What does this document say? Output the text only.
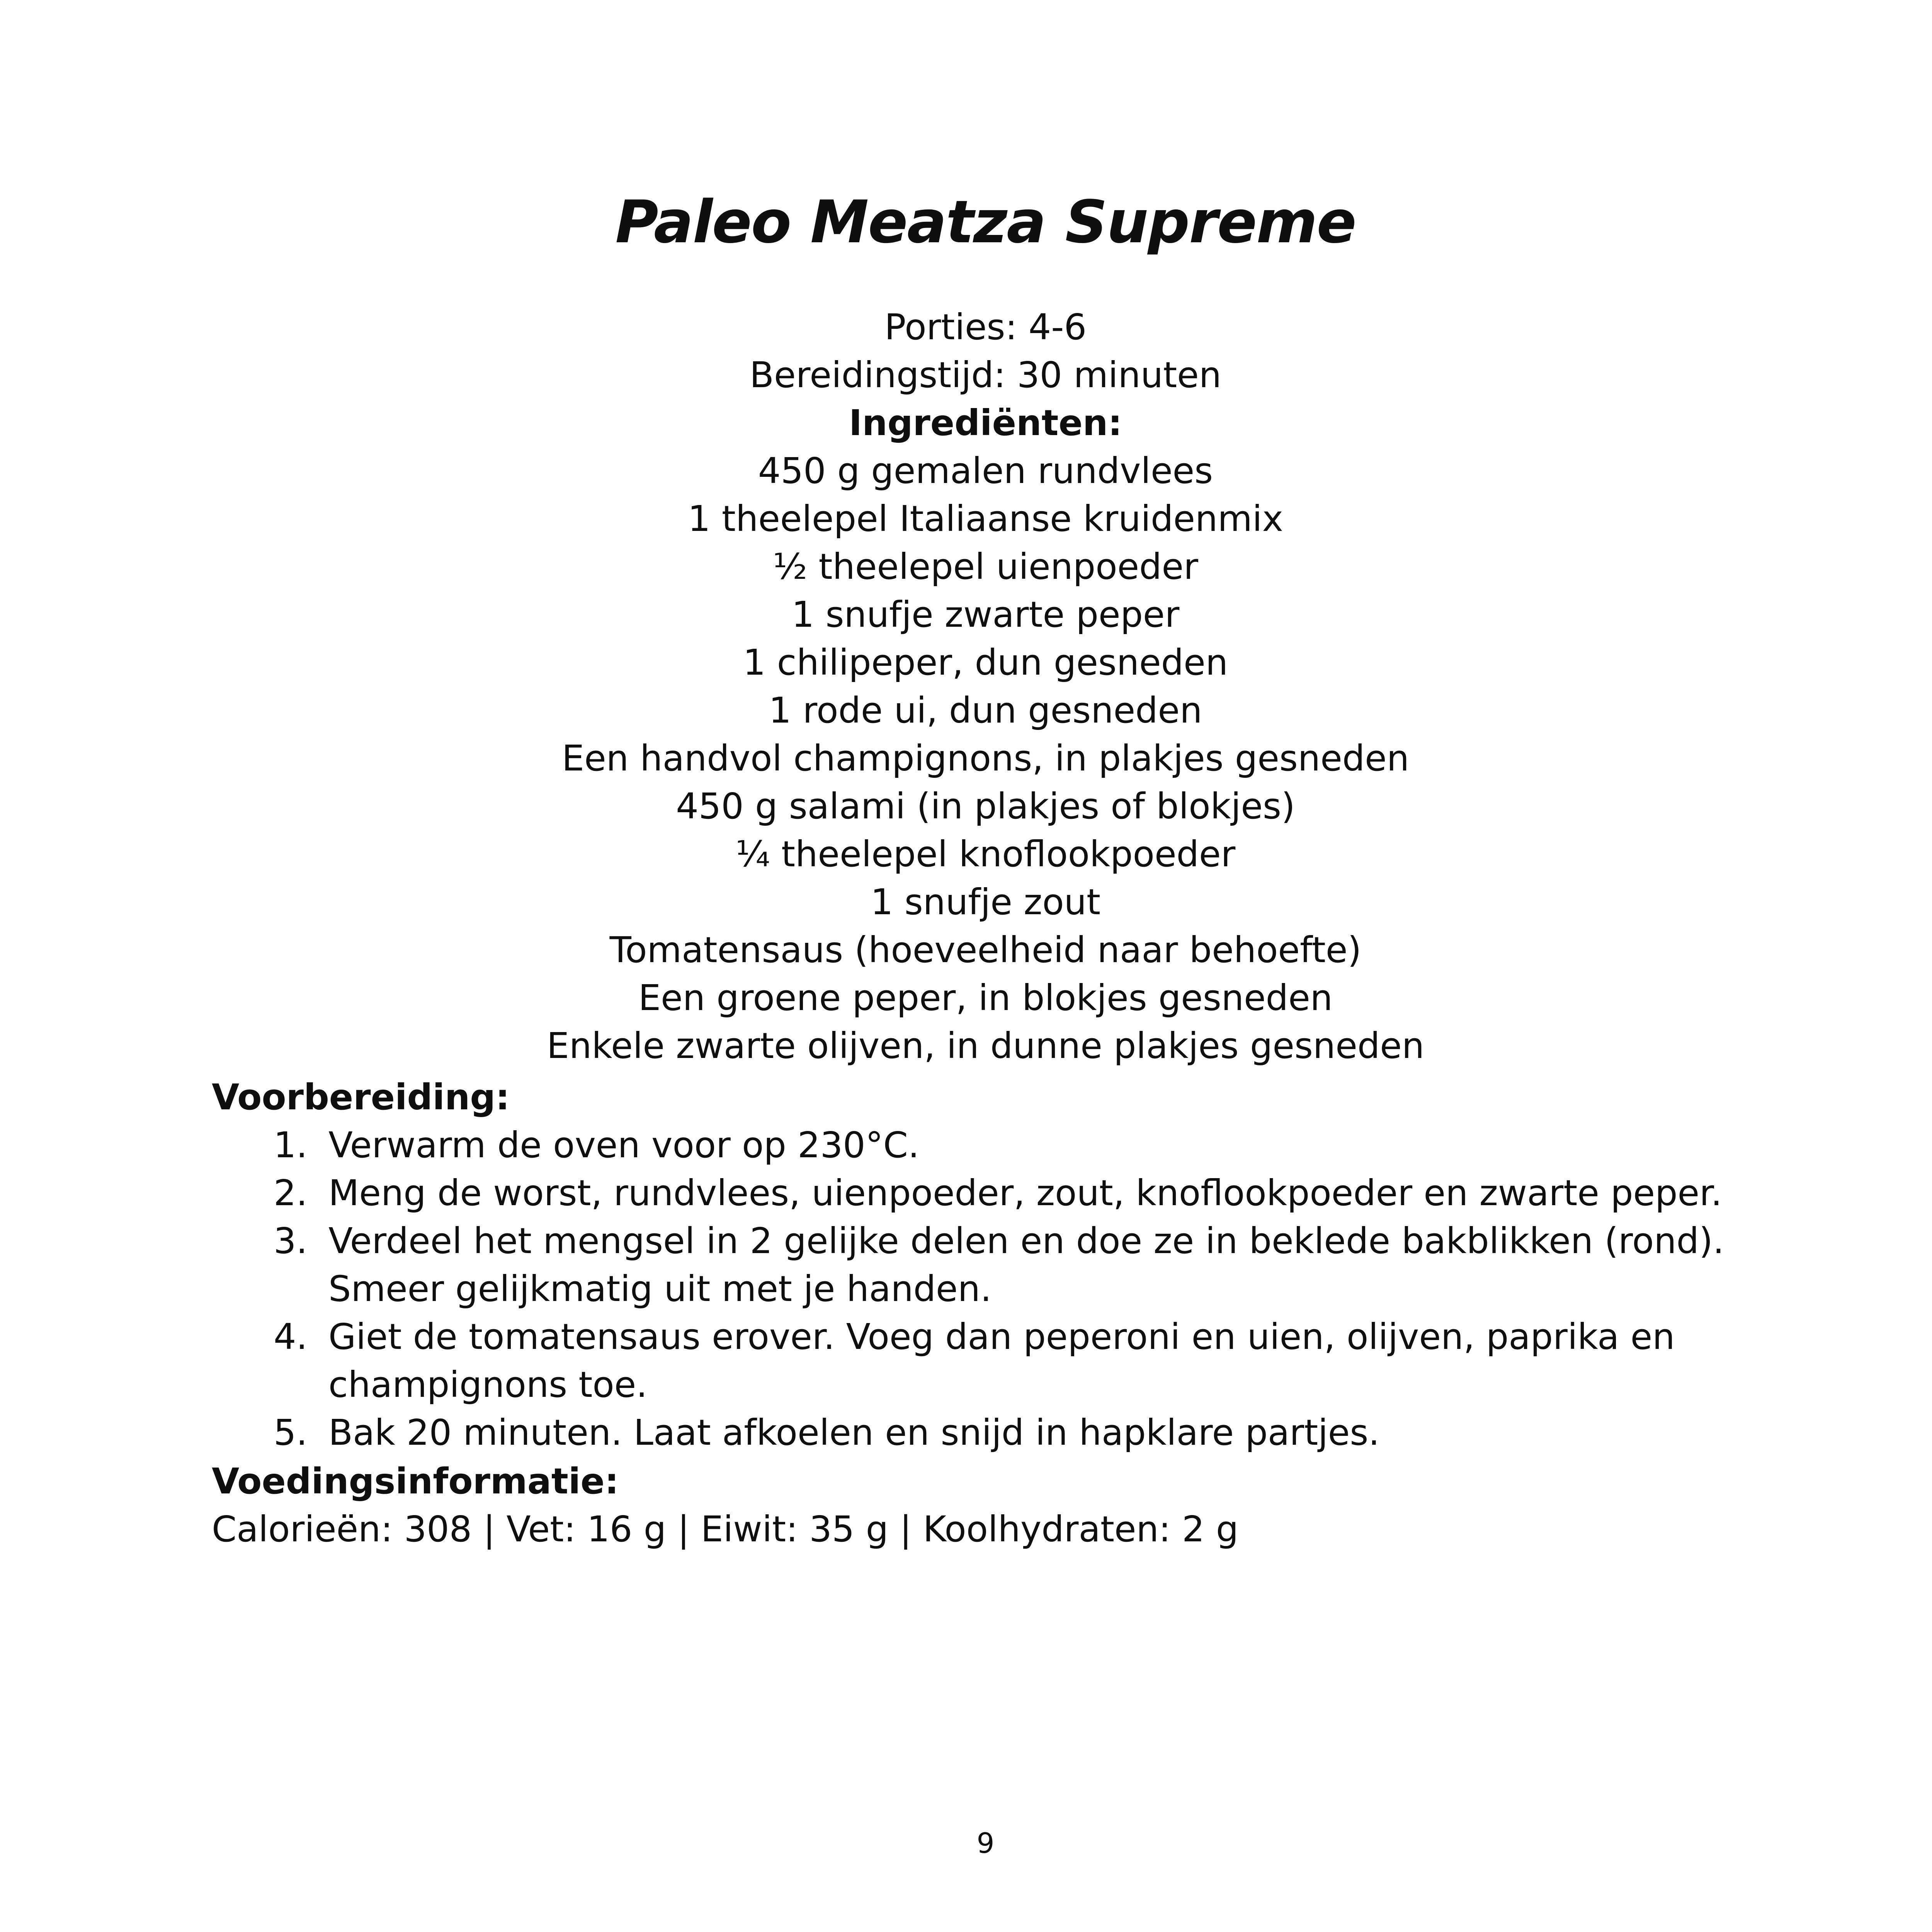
Paleo Meatza Supreme
Porties: 4-6
Bereidingstijd: 30 minuten
Ingrediënten:
450 g gemalen rundvlees
1 theelepel Italiaanse kruidenmix
½ theelepel uienpoeder
1 snufje zwarte peper
1 chilipeper, dun gesneden
1 rode ui, dun gesneden
Een handvol champignons, in plakjes gesneden
450 g salami (in plakjes of blokjes)
¼ theelepel knoflookpoeder
1 snufje zout
Tomatensaus (hoeveelheid naar behoefte)
Een groene peper, in blokjes gesneden
Enkele zwarte olijven, in dunne plakjes gesneden
Voorbereiding:
1. Verwarm de oven voor op 230°C.
2. Meng de worst, rundvlees, uienpoeder, zout, knoflookpoeder en zwarte peper.
3. Verdeel het mengsel in 2 gelijke delen en doe ze in beklede bakblikken (rond).
Smeer gelijkmatig uit met je handen.
4. Giet de tomatensaus erover. Voeg dan peperoni en uien, olijven, paprika en
champignons toe.
5. Bak 20 minuten. Laat afkoelen en snijd in hapklare partjes.
Voedingsinformatie:

Calorieën: 308 | Vet: 16 g | Eiwit: 35 g | Koolhydraten: 2 g

9
